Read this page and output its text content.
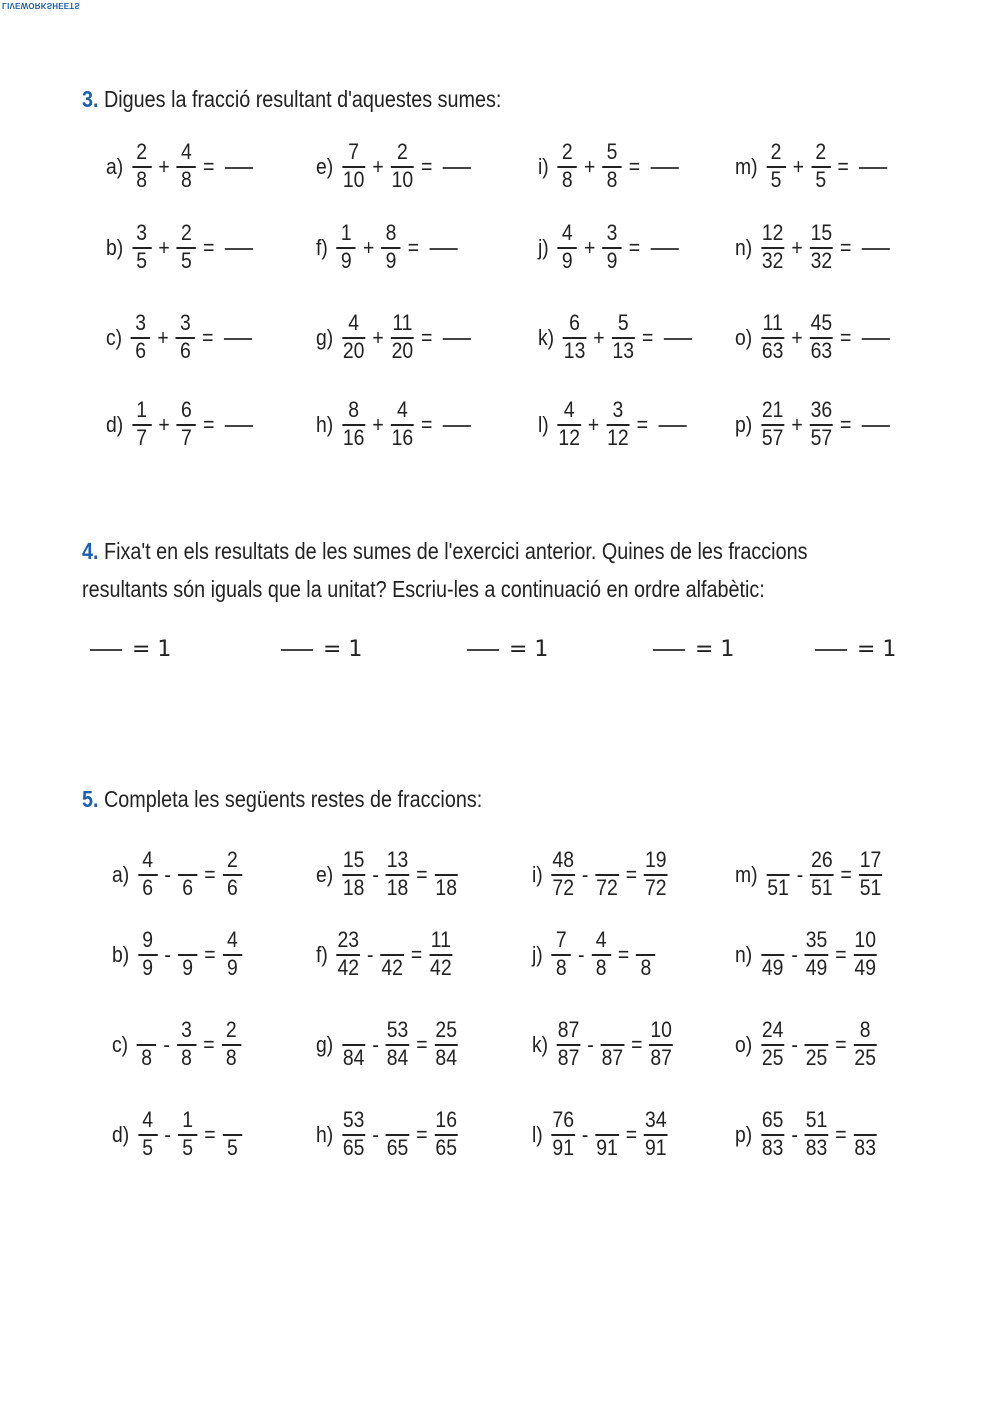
LIVEWORKSHEETS
3. Digues la fracció resultant d'aquestes sumes:
$a) \frac{2}{8} + \frac{4}{8}$ =
$b) \frac{3}{5} + \frac{2}{5}$ =
$c) \frac{3}{6} + \frac{3}{6}$ =
$d) \frac{1}{7} + \frac{6}{7}$ =
$e) \frac{7}{10} + \frac{2}{10}$ =
$f) \frac{1}{9} + \frac{8}{9}$ =
$g) \frac{4}{20} + \frac{11}{20}$ =
$h) \frac{8}{16} + \frac{4}{16}$ =
$i) \frac{2}{8} + \frac{5}{8}$ =
$j) \frac{4}{9} + \frac{3}{9}$ =
$k) \frac{6}{13} + \frac{5}{13}$ =
$l) \frac{4}{12} + \frac{3}{12}$ =
$m) \frac{2}{5} + \frac{2}{5}$ =
$n) \frac{12}{32} + \frac{15}{32}$ =
$o) \frac{11}{63} + \frac{45}{63}$ =
$p) \frac{21}{57} + \frac{36}{57}$ =
4. Fixa't en els resultats de les sumes de l'exercici anterior. Quines de les fraccions
resultants són iguals que la unitat? Escriu-les a continuació en ordre alfabètic:
= 1	= 1	= 1	= 1	= 1
5. Completa les següents restes de fraccions:
$a) \frac{4}{6}$ -
6
= $\frac{2}{6}$
$b) \frac{9}{9}$ -
9
= $\frac{4}{9}$
c)
8
- $\frac{3}{8} = \frac{2}{8}$
$d) \frac{4}{5} - \frac{1}{5}$ =
5
$e) \frac{15}{18} - \frac{13}{18}$ =
18
$f) \frac{23}{42}$ -
42
= $\frac{11}{42}$
g)
84
- $\frac{53}{84} = \frac{25}{84}$
$h) \frac{53}{65}$ -
65
= $\frac{16}{65}$
$i) \frac{48}{72}$ -
72
= $\frac{19}{72}$
$j) \frac{7}{8} - \frac{4}{8}$ =
8
$k) \frac{87}{87}$ -
87
= $\frac{10}{87}$
$l) \frac{76}{91}$ -
91
= $\frac{34}{91}$
m)
51
- $\frac{26}{51} = \frac{17}{51}$
n)
49
- $\frac{35}{49} = \frac{10}{49}$
$o) \frac{24}{25}$ -
25
= $\frac{8}{25}$
$p) \frac{65}{83} - \frac{51}{83}$ =
83
